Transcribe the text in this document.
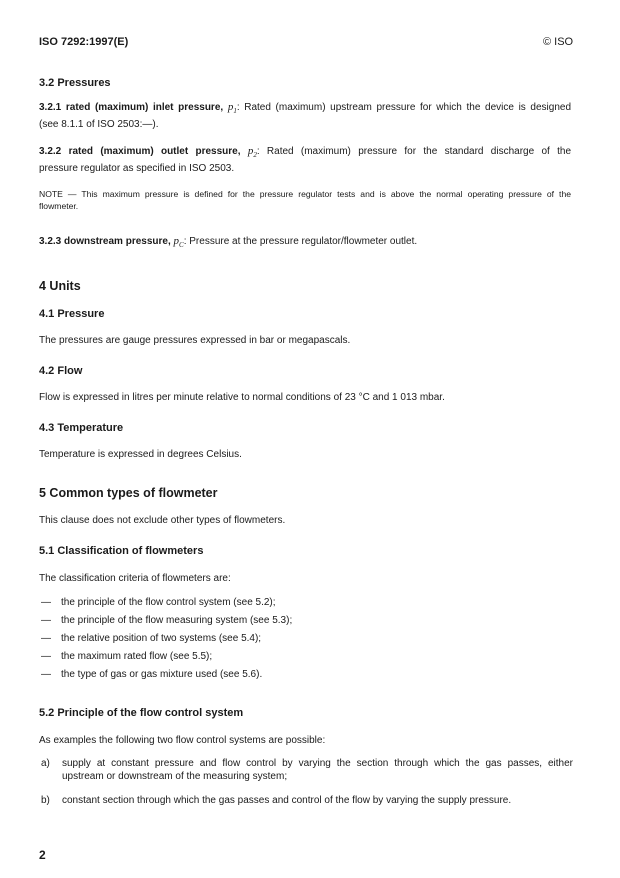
ISO 7292:1997(E)	© ISO
3.2 Pressures
3.2.1 rated (maximum) inlet pressure, $p_1$: Rated (maximum) upstream pressure for which the device is designed
(see 8.1.1 of ISO 2503:—).
3.2.2 rated (maximum) outlet pressure, $p_2$: Rated (maximum) pressure for the standard discharge of the
pressure regulator as specified in ISO 2503.
NOTE — This maximum pressure is defined for the pressure regulator tests and is above the normal operating pressure of the
flowmeter.
3.2.3 downstream pressure, $p_C$: Pressure at the pressure regulator/flowmeter outlet.
4 Units
4.1 Pressure
The pressures are gauge pressures expressed in bar or megapascals.
4.2 Flow
Flow is expressed in litres per minute relative to normal conditions of 23 °C and 1 013 mbar.
4.3 Temperature
Temperature is expressed in degrees Celsius.
5 Common types of flowmeter
This clause does not exclude other types of flowmeters.
5.1 Classification of flowmeters
The classification criteria of flowmeters are:
— the principle of the flow control system (see 5.2);
— the principle of the flow measuring system (see 5.3);
— the relative position of two systems (see 5.4);
— the maximum rated flow (see 5.5);
— the type of gas or gas mixture used (see 5.6).
5.2 Principle of the flow control system
As examples the following two flow control systems are possible:
a) supply at constant pressure and flow control by varying the section through which the gas passes, either
upstream or downstream of the measuring system;
b) constant section through which the gas passes and control of the flow by varying the supply pressure.
2
